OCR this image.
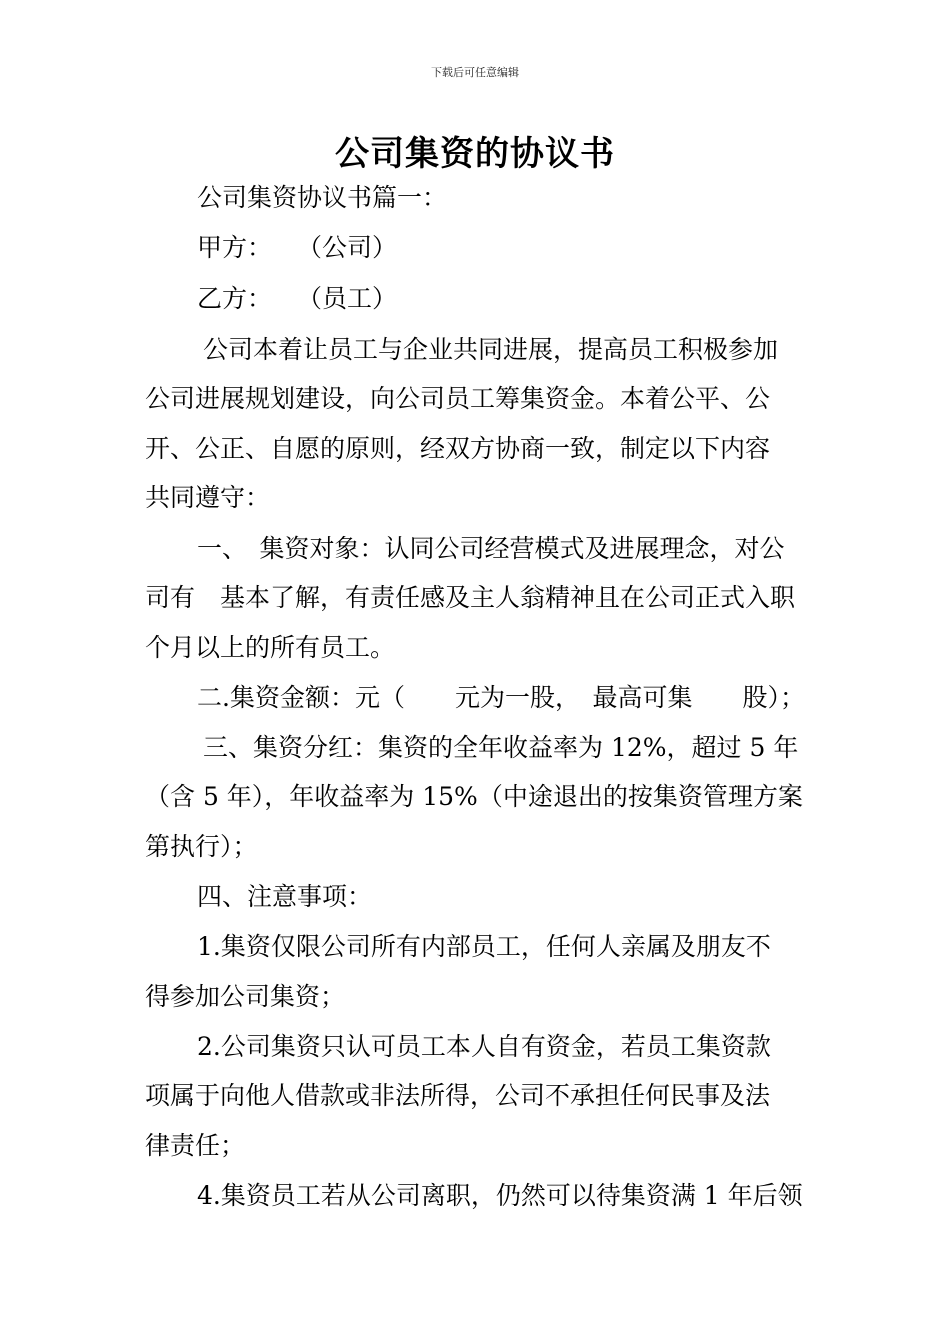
下载后可任意编辑
公司集资的协议书
公司集资协议书篇一：
甲方：　　（公司）
乙方：　　（员工）
公司本着让员工与企业共同进展，提高员工积极参加
公司进展规划建设，向公司员工筹集资金。本着公平、公
开、公正、自愿的原则，经双方协商一致，制定以下内容
共同遵守：
一、　集资对象：认同公司经营模式及进展理念，对公
司有　基本了解，有责任感及主人翁精神且在公司正式入职
个月以上的所有员工。
二.集资金额：元（　　元为一股，　最高可集　　股）；
三、集资分红：集资的全年收益率为 12%，超过 5 年
（含 5 年），年收益率为 15%（中途退出的按集资管理方案
第执行）；
四、注意事项：
1.集资仅限公司所有内部员工，任何人亲属及朋友不
得参加公司集资；
2.公司集资只认可员工本人自有资金，若员工集资款
项属于向他人借款或非法所得，公司不承担任何民事及法
律责任；
4.集资员工若从公司离职，仍然可以待集资满 1 年后领
